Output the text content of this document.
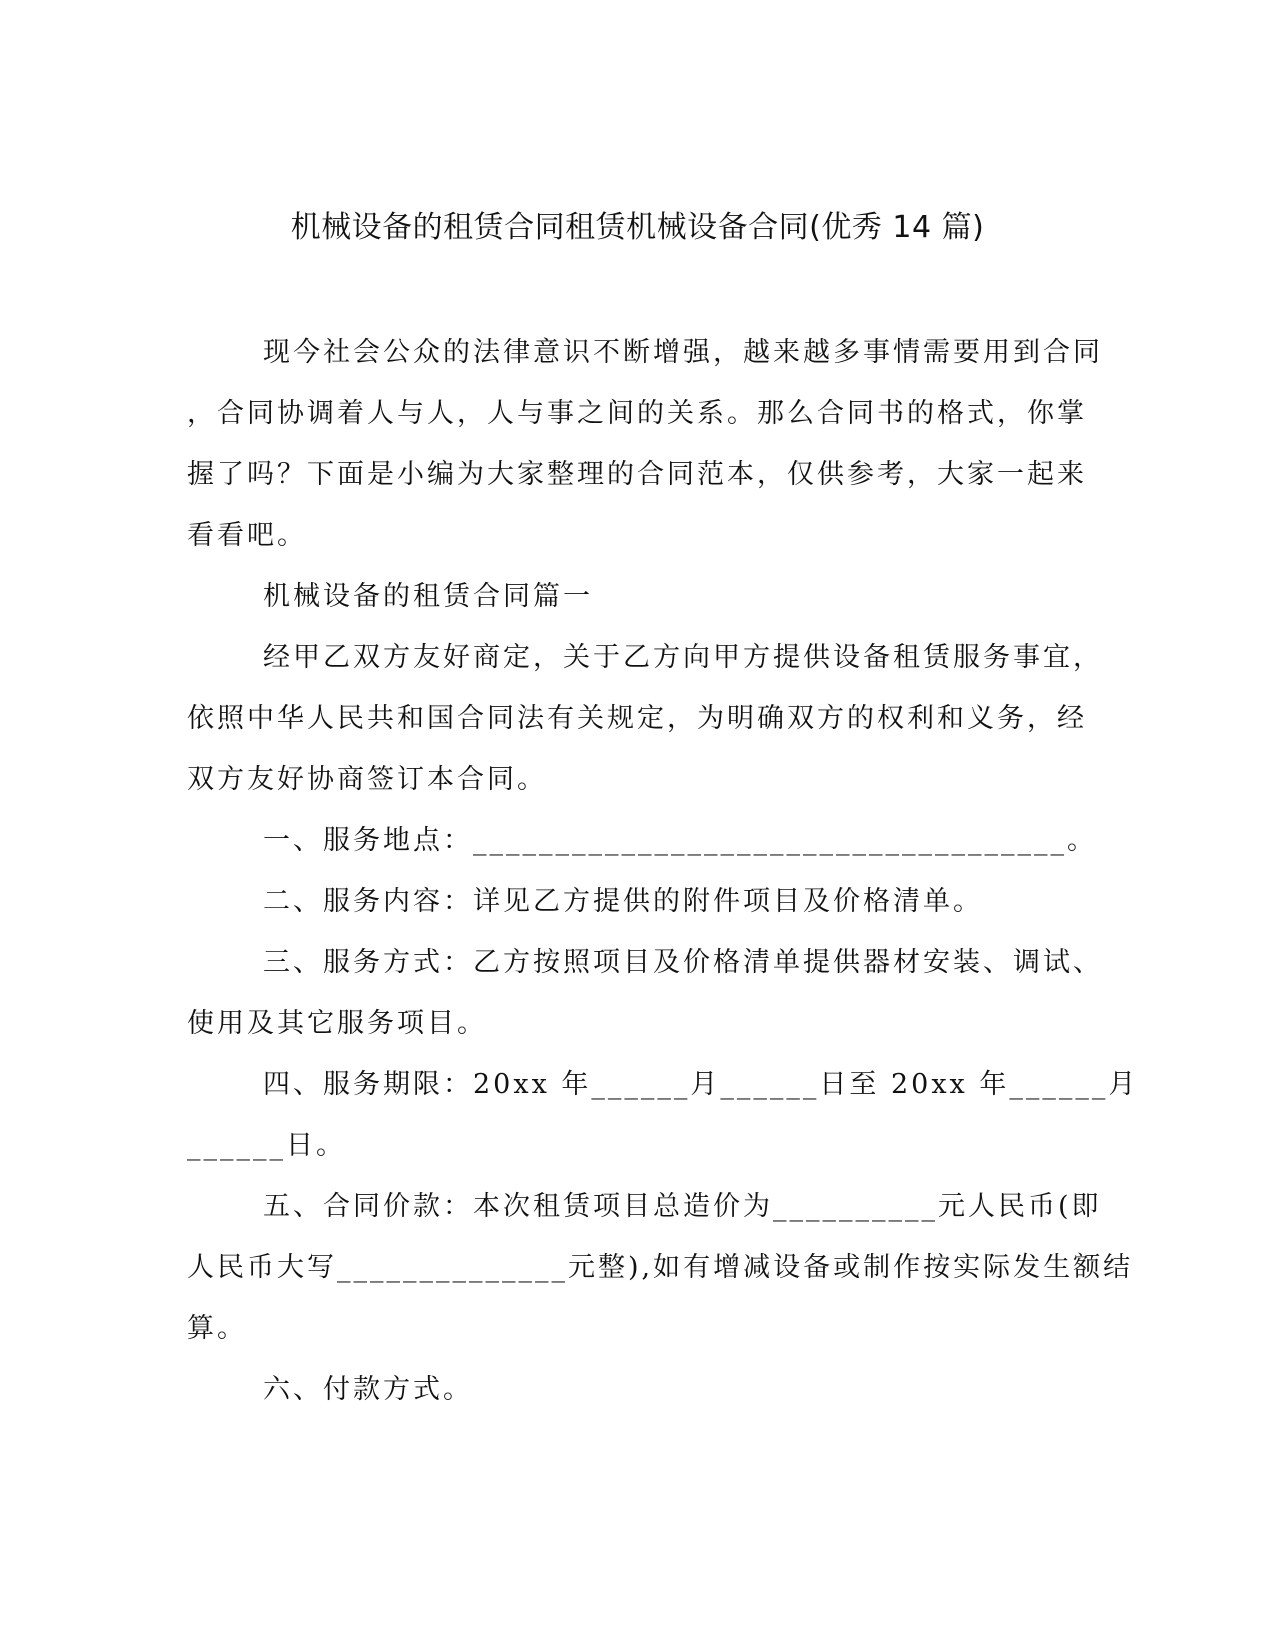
机械设备的租赁合同租赁机械设备合同(优秀 14 篇)
现今社会公众的法律意识不断增强，越来越多事情需要用到合同
，合同协调着人与人，人与事之间的关系。那么合同书的格式，你掌
握了吗？下面是小编为大家整理的合同范本，仅供参考，大家一起来
看看吧。
机械设备的租赁合同篇一
经甲乙双方友好商定，关于乙方向甲方提供设备租赁服务事宜，
依照中华人民共和国合同法有关规定，为明确双方的权利和义务，经
双方友好协商签订本合同。
一、服务地点：____________________________________。
二、服务内容：详见乙方提供的附件项目及价格清单。
三、服务方式：乙方按照项目及价格清单提供器材安装、调试、
使用及其它服务项目。
四、服务期限：20xx 年______月______日至 20xx 年______月
______日。
五、合同价款：本次租赁项目总造价为__________元人民币(即
人民币大写______________元整),如有增减设备或制作按实际发生额结
算。
六、付款方式。
